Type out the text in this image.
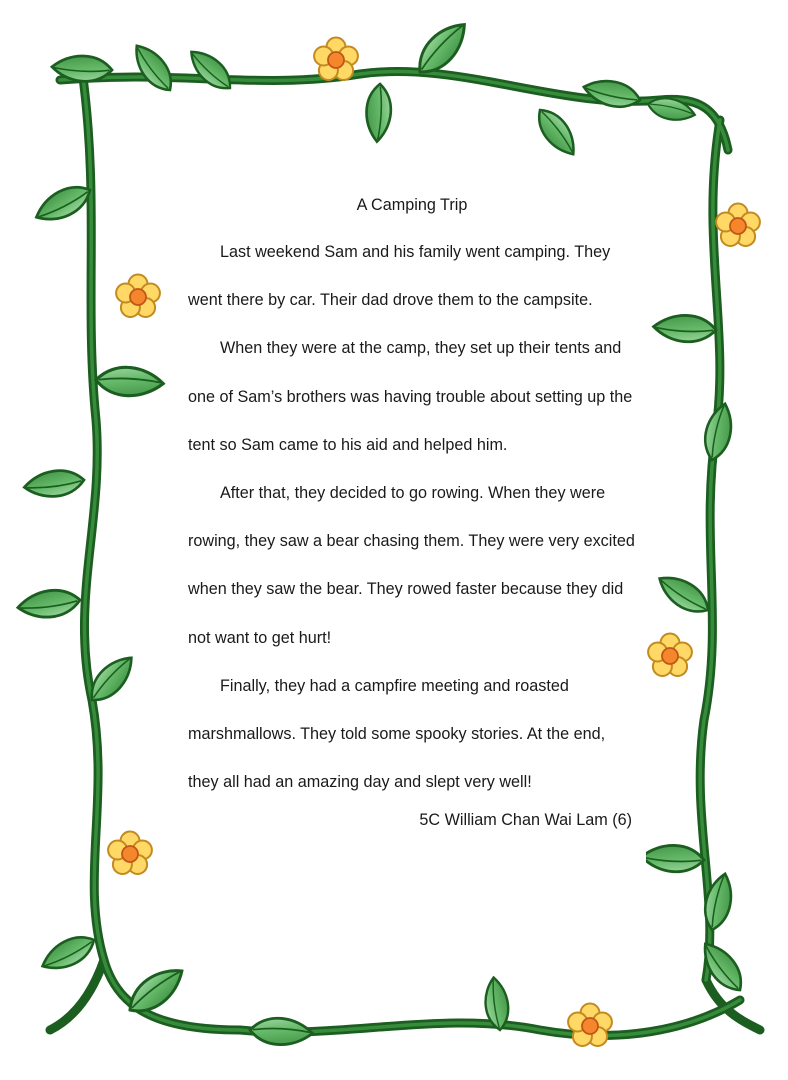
A Camping Trip

Last weekend Sam and his family went camping. They went there by car. Their dad drove them to the campsite.

When they were at the camp, they set up their tents and one of Sam’s brothers was having trouble about setting up the tent so Sam came to his aid and helped him.

After that, they decided to go rowing. When they were rowing, they saw a bear chasing them. They were very excited when they saw the bear. They rowed faster because they did not want to get hurt!

Finally, they had a campfire meeting and roasted marshmallows. They told some spooky stories. At the end, they all had an amazing day and slept very well!

5C William Chan Wai Lam (6)
